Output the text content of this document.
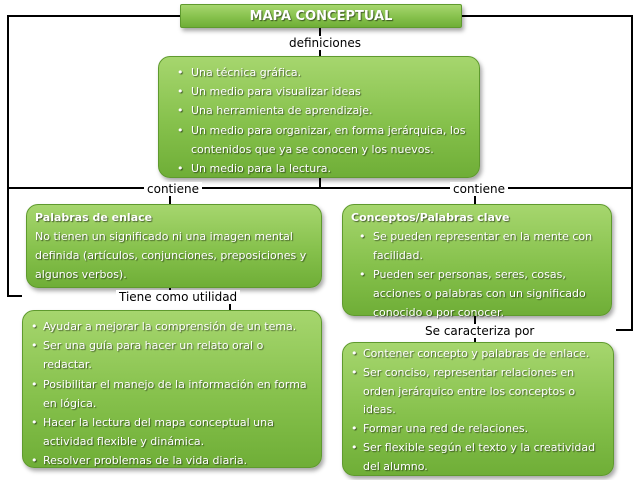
MAPA CONCEPTUAL
definiciones
• Una técnica gráfica.
• Un medio para visualizar ideas
• Una herramienta de aprendizaje.
• Un medio para organizar, en forma jerárquica, los contenidos que ya se conocen y los nuevos.
• Un medio para la lectura.
contiene	contiene
Palabras de enlace
No tienen un significado ni una imagen mental definida (artículos, conjunciones, preposiciones y algunos verbos).
Conceptos/Palabras clave
• Se pueden representar en la mente con facilidad.
• Pueden ser personas, seres, cosas, acciones o palabras con un significado conocido o por conocer.
Tiene como utilidad
• Ayudar a mejorar la comprensión de un tema.
• Ser una guía para hacer un relato oral o redactar.
• Posibilitar el manejo de la información en forma en lógica.
• Hacer la lectura del mapa conceptual una actividad flexible y dinámica.
• Resolver problemas de la vida diaria.
Se caracteriza por
• Contener concepto y palabras de enlace.
• Ser conciso, representar relaciones en orden jerárquico entre los conceptos o ideas.
• Formar una red de relaciones.
• Ser flexible según el texto y la creatividad del alumno.
